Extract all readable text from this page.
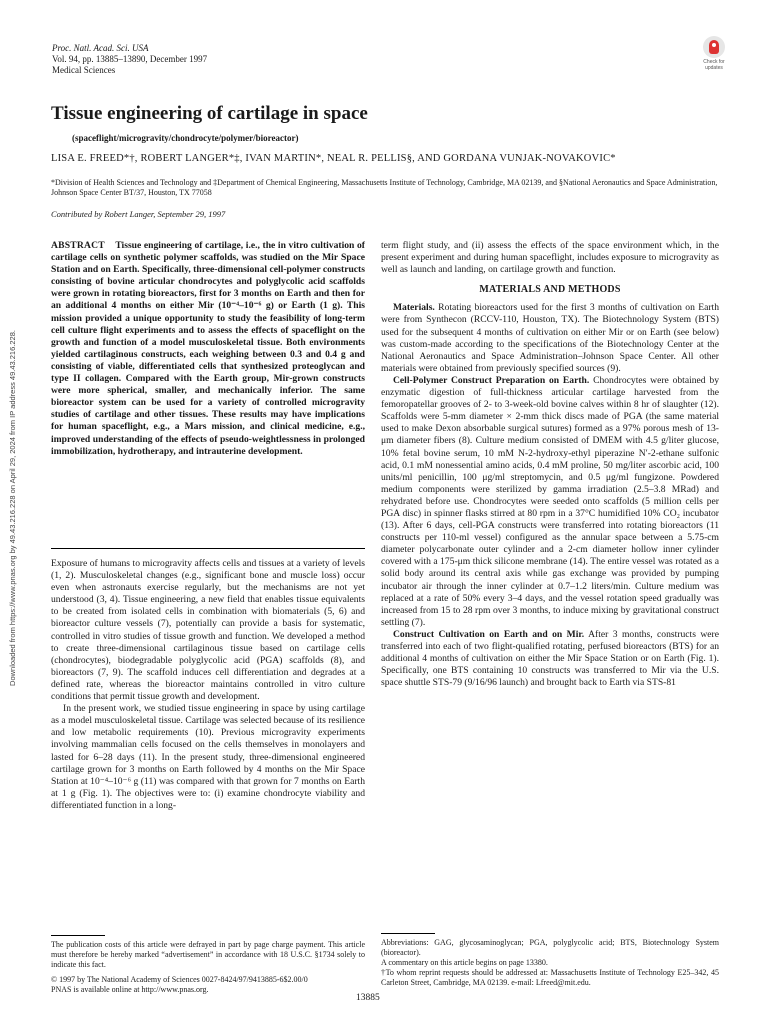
Proc. Natl. Acad. Sci. USA
Vol. 94, pp. 13885–13890, December 1997
Medical Sciences
Check for
updates
Tissue engineering of cartilage in space
(spaceflight/microgravity/chondrocyte/polymer/bioreactor)
LISA E. FREED*†, ROBERT LANGER*‡, IVAN MARTIN*, NEAL R. PELLIS§, AND GORDANA VUNJAK-NOVAKOVIC*
*Division of Health Sciences and Technology and ‡Department of Chemical Engineering, Massachusetts Institute of Technology, Cambridge, MA 02139, and §National Aeronautics and Space Administration, Johnson Space Center BT/37, Houston, TX 77058
Contributed by Robert Langer, September 29, 1997

ABSTRACT Tissue engineering of cartilage, i.e., the in vitro cultivation of cartilage cells on synthetic polymer scaffolds, was studied on the Mir Space Station and on Earth. Specifically, three-dimensional cell-polymer constructs consisting of bovine articular chondrocytes and polyglycolic acid scaffolds were grown in rotating bioreactors, first for 3 months on Earth and then for an additional 4 months on either Mir (10⁻⁴–10⁻⁶ g) or Earth (1 g). This mission provided a unique opportunity to study the feasibility of long-term cell culture flight experiments and to assess the effects of spaceflight on the growth and function of a model musculoskeletal tissue. Both environments yielded cartilaginous constructs, each weighing between 0.3 and 0.4 g and consisting of viable, differentiated cells that synthesized proteoglycan and type II collagen. Compared with the Earth group, Mir-grown constructs were more spherical, smaller, and mechanically inferior. The same bioreactor system can be used for a variety of controlled microgravity studies of cartilage and other tissues. These results may have implications for human spaceflight, e.g., a Mars mission, and clinical medicine, e.g., improved understanding of the effects of pseudo-weightlessness in prolonged immobilization, hydrotherapy, and intrauterine development.

Exposure of humans to microgravity affects cells and tissues at a variety of levels (1, 2). Musculoskeletal changes (e.g., significant bone and muscle loss) occur even when astronauts exercise regularly, but the mechanisms are not yet understood (3, 4). Tissue engineering, a new field that enables tissue equivalents to be created from isolated cells in combination with biomaterials (5, 6) and bioreactor culture vessels (7), potentially can provide a basis for systematic, controlled in vitro studies of tissue growth and function. We developed a method to create three-dimensional cartilaginous tissue based on cartilage cells (chondrocytes), biodegradable polyglycolic acid (PGA) scaffolds (8), and bioreactors (7, 9). The scaffold induces cell differentiation and degrades at a defined rate, whereas the bioreactor maintains controlled in vitro culture conditions that permit tissue growth and development.

In the present work, we studied tissue engineering in space by using cartilage as a model musculoskeletal tissue. Cartilage was selected because of its resilience and low metabolic requirements (10). Previous microgravity experiments involving mammalian cells focused on the cells themselves in monolayers and lasted for 6–28 days (11). In the present study, three-dimensional engineered cartilage grown for 3 months on Earth followed by 4 months on the Mir Space Station at 10⁻⁴–10⁻⁶ g (11) was compared with that grown for 7 months on Earth at 1 g (Fig. 1). The objectives were to: (i) examine chondrocyte viability and differentiated function in a long-

term flight study, and (ii) assess the effects of the space environment which, in the present experiment and during human spaceflight, includes exposure to microgravity as well as launch and landing, on cartilage growth and function.

MATERIALS AND METHODS

Materials. Rotating bioreactors used for the first 3 months of cultivation on Earth were from Synthecon (RCCV-110, Houston, TX). The Biotechnology System (BTS) used for the subsequent 4 months of cultivation on either Mir or on Earth (see below) was custom-made according to the specifications of the Biotechnology Center at the National Aeronautics and Space Administration–Johnson Space Center. All other materials were obtained from previously specified sources (9).

Cell-Polymer Construct Preparation on Earth. Chondrocytes were obtained by enzymatic digestion of full-thickness articular cartilage harvested from the femoropatellar grooves of 2- to 3-week-old bovine calves within 8 hr of slaughter (12). Scaffolds were 5-mm diameter × 2-mm thick discs made of PGA (the same material used to make Dexon absorbable surgical sutures) formed as a 97% porous mesh of 13-μm diameter fibers (8). Culture medium consisted of DMEM with 4.5 g/liter glucose, 10% fetal bovine serum, 10 mM N-2-hydroxy-ethyl piperazine N′-2-ethane sulfonic acid, 0.1 mM nonessential amino acids, 0.4 mM proline, 50 mg/liter ascorbic acid, 100 units/ml penicillin, 100 μg/ml streptomycin, and 0.5 μg/ml fungizone. Powdered medium components were sterilized by gamma irradiation (2.5–3.8 MRad) and rehydrated before use. Chondrocytes were seeded onto scaffolds (5 million cells per PGA disc) in spinner flasks stirred at 80 rpm in a 37°C humidified 10% CO₂ incubator (13). After 6 days, cell-PGA constructs were transferred into rotating bioreactors (11 constructs per 110-ml vessel) configured as the annular space between a 5.75-cm diameter polycarbonate outer cylinder and a 2-cm diameter hollow inner cylinder covered with a 175-μm thick silicone membrane (14). The entire vessel was rotated as a solid body around its central axis while gas exchange was provided by pumping incubator air through the inner cylinder at 0.7–1.2 liters/min. Culture medium was replaced at a rate of 50% every 3–4 days, and the vessel rotation speed gradually was increased from 15 to 28 rpm over 3 months, to induce mixing by gravitational construct settling (7).

Construct Cultivation on Earth and on Mir. After 3 months, constructs were transferred into each of two flight-qualified rotating, perfused bioreactors (BTS) for an additional 4 months of cultivation on either the Mir Space Station or on Earth (Fig. 1). Specifically, one BTS containing 10 constructs was transferred to Mir via the U.S. space shuttle STS-79 (9/16/96 launch) and brought back to Earth via STS-81

The publication costs of this article were defrayed in part by page charge payment. This article must therefore be hereby marked “advertisement” in accordance with 18 U.S.C. §1734 solely to indicate this fact.

© 1997 by The National Academy of Sciences 0027-8424/97/9413885-6$2.00/0

PNAS is available online at http://www.pnas.org.

Abbreviations: GAG, glycosaminoglycan; PGA, polyglycolic acid; BTS, Biotechnology System (bioreactor).

A commentary on this article begins on page 13380.

†To whom reprint requests should be addressed at: Massachusetts Institute of Technology E25–342, 45 Carleton Street, Cambridge, MA 02139. e-mail: Lfreed@mit.edu.

13885
Downloaded from https://www.pnas.org by 49.43.216.228 on April 29, 2024 from IP address 49.43.216.228.
